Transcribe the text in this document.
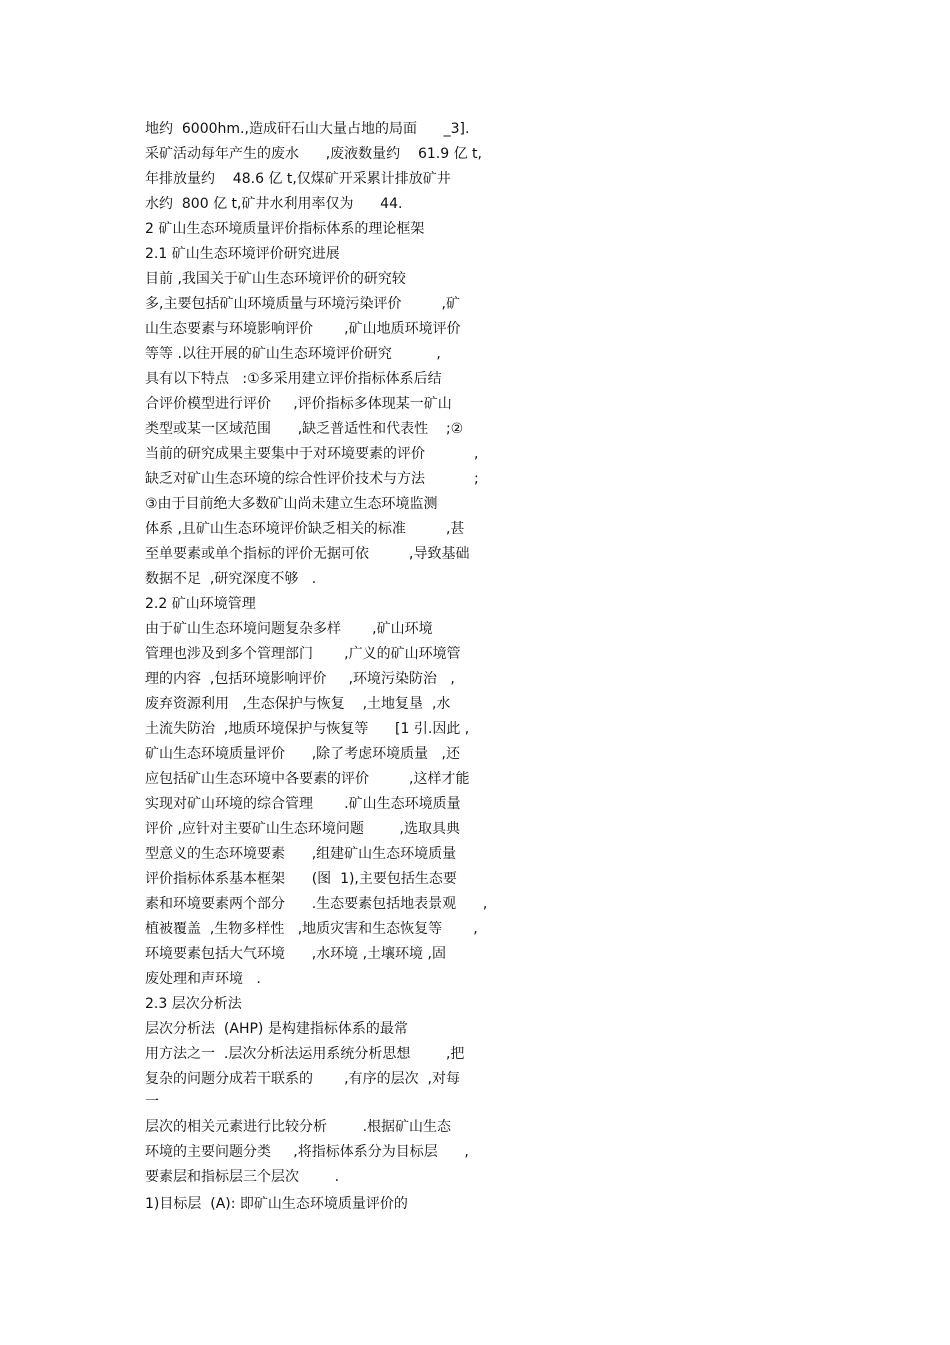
地约  6000hm.,造成矸石山大量占地的局面      _3].
采矿活动每年产生的废水      ,废液数量约    61.9 亿 t,
年排放量约    48.6 亿 t,仅煤矿开采累计排放矿井
水约  800 亿 t,矿井水利用率仅为      44.
2 矿山生态环境质量评价指标体系的理论框架
2.1 矿山生态环境评价研究进展
目前 ,我国关于矿山生态环境评价的研究较
多,主要包括矿山环境质量与环境污染评价         ,矿
山生态要素与环境影响评价       ,矿山地质环境评价
等等 .以往开展的矿山生态环境评价研究          ,
具有以下特点   :①多采用建立评价指标体系后结
合评价模型进行评价     ,评价指标多体现某一矿山
类型或某一区域范围      ,缺乏普适性和代表性    ;②
当前的研究成果主要集中于对环境要素的评价           ,
缺乏对矿山生态环境的综合性评价技术与方法           ;
③由于目前绝大多数矿山尚未建立生态环境监测
体系 ,且矿山生态环境评价缺乏相关的标准         ,甚
至单要素或单个指标的评价无据可依         ,导致基础
数据不足  ,研究深度不够   .
2.2 矿山环境管理
由于矿山生态环境问题复杂多样       ,矿山环境
管理也涉及到多个管理部门       ,广义的矿山环境管
理的内容  ,包括环境影响评价     ,环境污染防治   ,
废弃资源利用   ,生态保护与恢复    ,土地复垦  ,水
土流失防治  ,地质环境保护与恢复等      [1 引.因此 ,
矿山生态环境质量评价      ,除了考虑环境质量   ,还
应包括矿山生态环境中各要素的评价         ,这样才能
实现对矿山环境的综合管理       .矿山生态环境质量
评价 ,应针对主要矿山生态环境问题        ,选取具典
型意义的生态环境要素      ,组建矿山生态环境质量
评价指标体系基本框架      (图  1),主要包括生态要
素和环境要素两个部分      .生态要素包括地表景观      ,
植被覆盖  ,生物多样性   ,地质灾害和生态恢复等       ,
环境要素包括大气环境      ,水环境 ,土壤环境 ,固
废处理和声环境   .
2.3 层次分析法
层次分析法  (AHP) 是构建指标体系的最常
用方法之一  .层次分析法运用系统分析思想        ,把
复杂的问题分成若干联系的       ,有序的层次  ,对每
一
层次的相关元素进行比较分析        .根据矿山生态
环境的主要问题分类     ,将指标体系分为目标层      ,
要素层和指标层三个层次        .
1)目标层  (A): 即矿山生态环境质量评价的
